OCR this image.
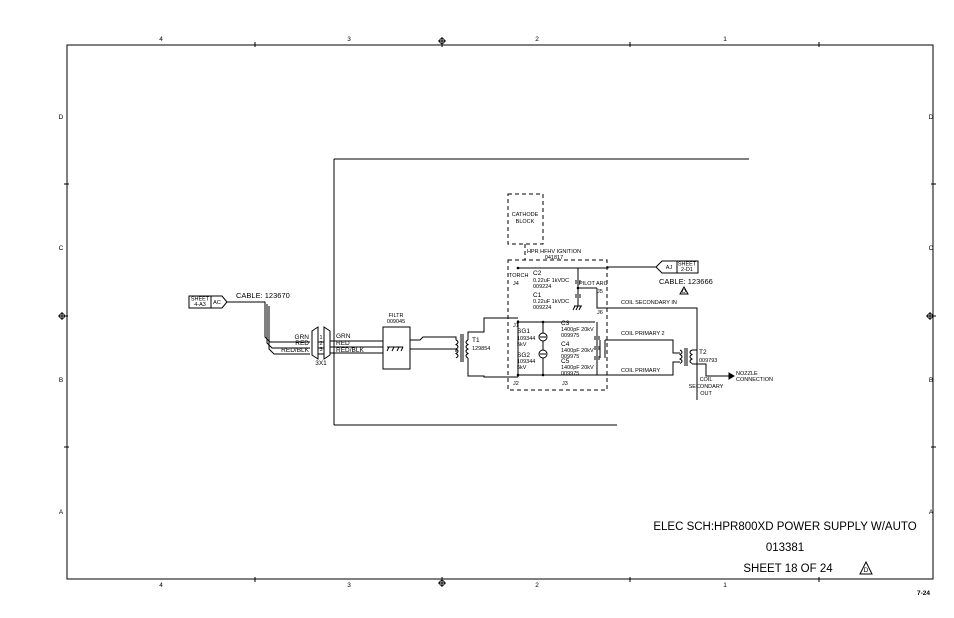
4	3	2	1
4	3	2	1
D
C
B
A
D
C
B
A
SHEET
4-A3 AC
CABLE: 123670
GRN
RED
RED/BLK
1
2
3
3X1
GRN
RED
RED/BLK
FILTR
009045
T1
129854
CATHODE
BLOCK
HPR HFHV IGNITION
041817
TORCH
J4
C2
0.22uF 1kVDC
009224
C1
0.22uF 1kVDC
009224
J1
SG1
109344
5kV
SG2
109344
5kV
J2	J3
C3
1400pF 20kV
009975
C4
1400pF 20kV
009975
C5
1400pF 20kV
009975
PILOT ARC
J5
J6
AJ
SHEET
2-D1
CABLE: 123666
D
COIL SECONDARY IN
COIL PRIMARY 2
COIL PRIMARY
T2
009793
NOZZLE
CONNECTION
COIL
SECONDARY
OUT
ELEC SCH:HPR800XD POWER SUPPLY W/AUTO
013381
SHEET 18 OF 24	D
7-24
